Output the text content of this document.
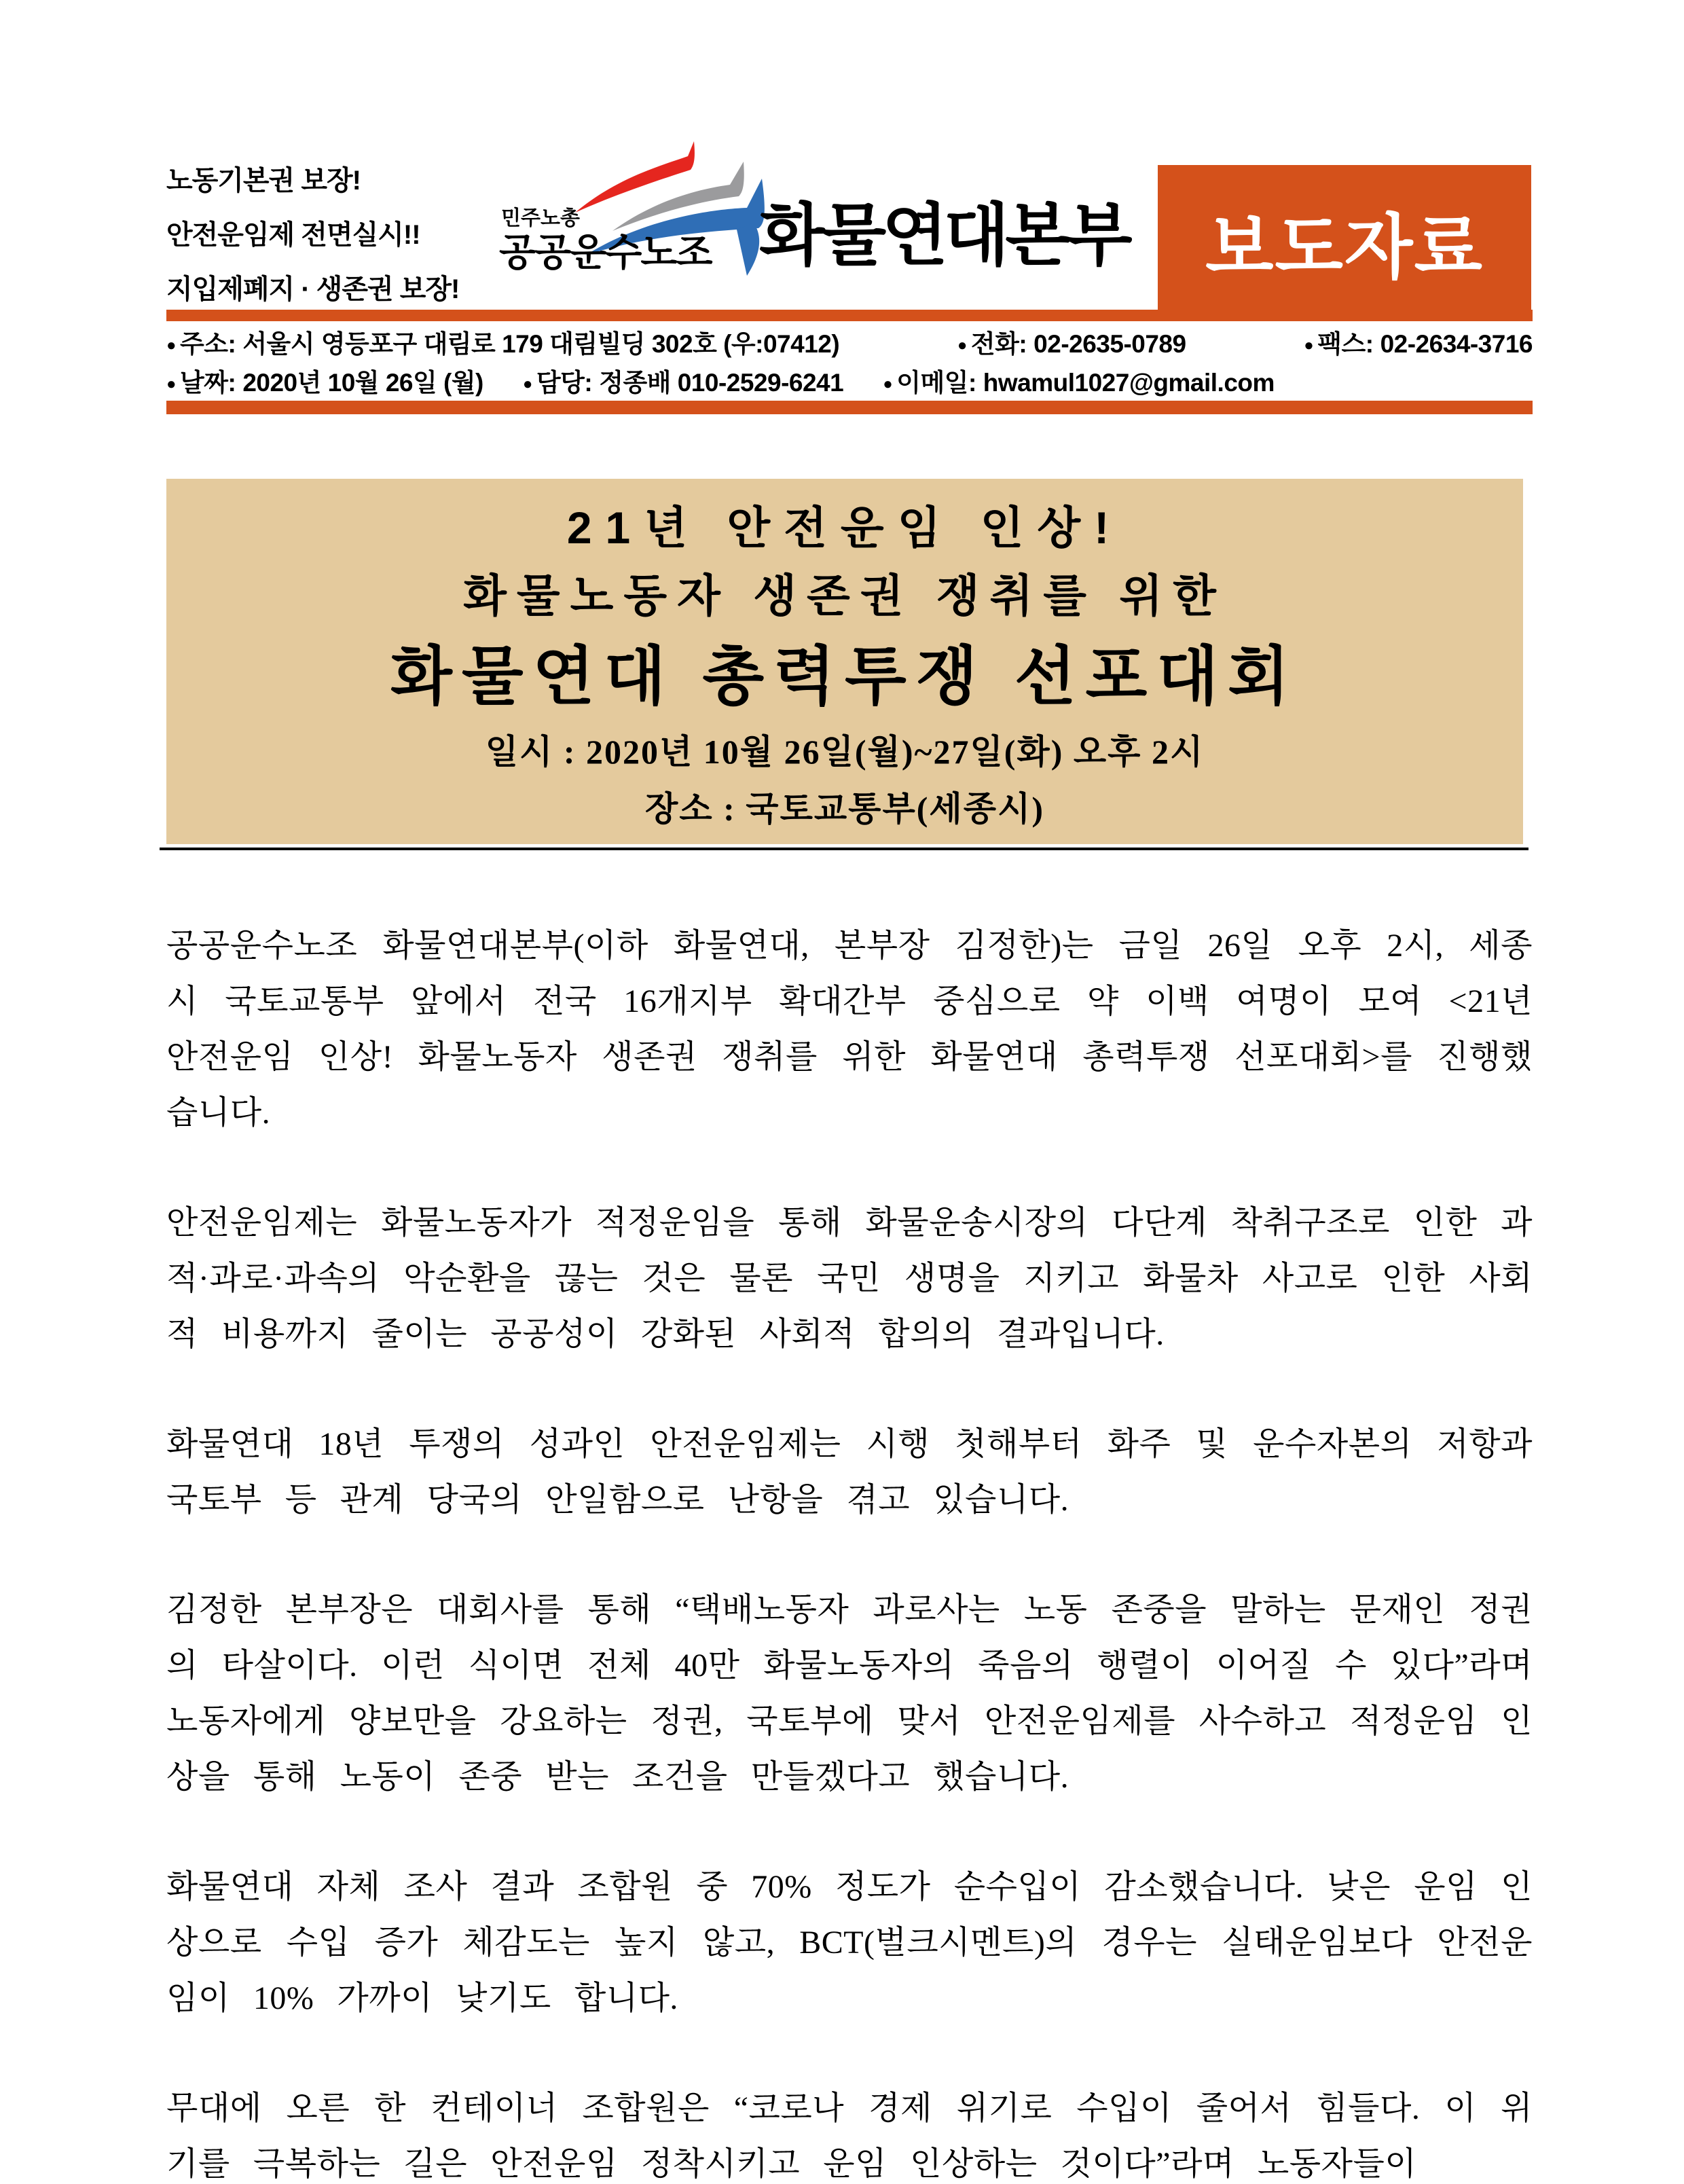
노동기본권 보장!
안전운임제 전면실시!!
지입제폐지 · 생존권 보장!
민주노총
공공운수노조 화물연대본부	보도자료
● 주소: 서울시 영등포구 대림로 179 대림빌딩 302호 (우:07412)	● 전화: 02-2635-0789	● 팩스: 02-2634-3716
● 날짜: 2020년 10월 26일 (월) ● 담당: 정종배 010-2529-6241 ● 이메일: hwamul1027@gmail.com
21년 안전운임 인상!
화물노동자 생존권 쟁취를 위한
화물연대 총력투쟁 선포대회
일시 : 2020년 10월 26일(월)~27일(화) 오후 2시
장소 : 국토교통부(세종시)

공공운수노조 화물연대본부(이하 화물연대, 본부장 김정한)는 금일 26일 오후 2시, 세종시 국토교통부 앞에서 전국 16개지부 확대간부 중심으로 약 이백 여명이 모여 <21년 안전운임 인상! 화물노동자 생존권 쟁취를 위한 화물연대 총력투쟁 선포대회>를 진행했습니다.

안전운임제는 화물노동자가 적정운임을 통해 화물운송시장의 다단계 착취구조로 인한 과적·과로·과속의 악순환을 끊는 것은 물론 국민 생명을 지키고 화물차 사고로 인한 사회적 비용까지 줄이는 공공성이 강화된 사회적 합의의 결과입니다.

화물연대 18년 투쟁의 성과인 안전운임제는 시행 첫해부터 화주 및 운수자본의 저항과 국토부 등 관계 당국의 안일함으로 난항을 겪고 있습니다.

김정한 본부장은 대회사를 통해 “택배노동자 과로사는 노동 존중을 말하는 문재인 정권의 타살이다. 이런 식이면 전체 40만 화물노동자의 죽음의 행렬이 이어질 수 있다”라며 노동자에게 양보만을 강요하는 정권, 국토부에 맞서 안전운임제를 사수하고 적정운임 인상을 통해 노동이 존중 받는 조건을 만들겠다고 했습니다.

화물연대 자체 조사 결과 조합원 중 70% 정도가 순수입이 감소했습니다. 낮은 운임 인상으로 수입 증가 체감도는 높지 않고, BCT(벌크시멘트)의 경우는 실태운임보다 안전운임이 10% 가까이 낮기도 합니다.

무대에 오른 한 컨테이너 조합원은 “코로나 경제 위기로 수입이 줄어서 힘들다. 이 위기를 극복하는 길은 안전운임 정착시키고 운임 인상하는 것이다”라며 노동자들이
